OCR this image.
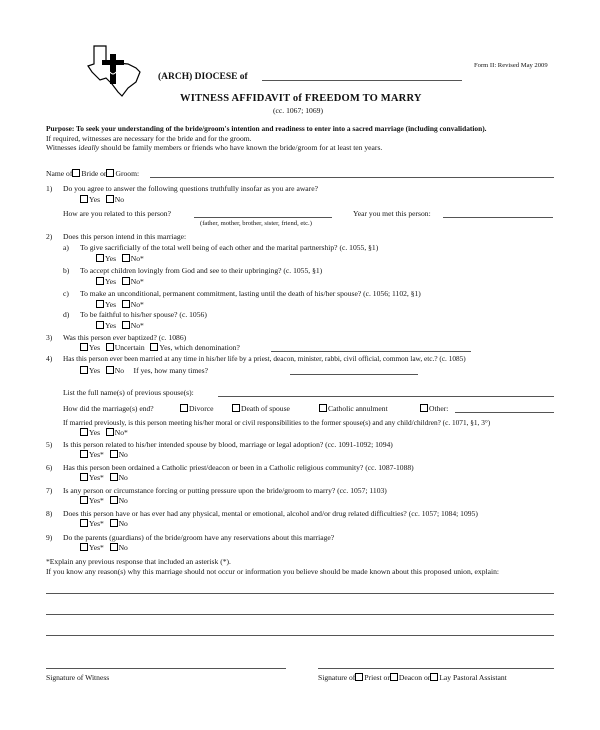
Form II: Revised May 2009
(ARCH) DIOCESE of
WITNESS AFFIDAVIT of FREEDOM TO MARRY
(cc. 1067; 1069)
Purpose: To seek your understanding of the bride/groom's intention and readiness to enter into a sacred marriage (including convalidation).
If required, witnesses are necessary for the bride and for the groom.
Witnesses ideally should be family members or friends who have known the bride/groom for at least ten years.
Name of Bride or Groom:
1) Do you agree to answer the following questions truthfully insofar as you are aware?
Yes No
How are you related to this person?	Year you met this person:
(father, mother, brother, sister, friend, etc.)
2) Does this person intend in this marriage:
a) To give sacrificially of the total well being of each other and the marital partnership? (c. 1055, §1)
Yes No*
b) To accept children lovingly from God and see to their upbringing? (c. 1055, §1)
Yes No*
c) To make an unconditional, permanent commitment, lasting until the death of his/her spouse? (c. 1056; 1102, §1)
Yes No*
d) To be faithful to his/her spouse? (c. 1056)
Yes No*
3) Was this person ever baptized? (c. 1086)
Yes Uncertain Yes, which denomination?
4) Has this person ever been married at any time in his/her life by a priest, deacon, minister, rabbi, civil official, common law, etc.? (c. 1085)
Yes No If yes, how many times?
List the full name(s) of previous spouse(s):
How did the marriage(s) end?	Divorce	Death of spouse	Catholic annulment	Other:
If married previously, is this person meeting his/her moral or civil responsibilities to the former spouse(s) and any child/children? (c. 1071, §1, 3°)
Yes No*
5) Is this person related to his/her intended spouse by blood, marriage or legal adoption? (cc. 1091-1092; 1094)
Yes* No
6) Has this person been ordained a Catholic priest/deacon or been in a Catholic religious community? (cc. 1087-1088)
Yes* No
7) Is any person or circumstance forcing or putting pressure upon the bride/groom to marry? (cc. 1057; 1103)
Yes* No
8) Does this person have or has ever had any physical, mental or emotional, alcohol and/or drug related difficulties? (cc. 1057; 1084; 1095)
Yes* No
9) Do the parents (guardians) of the bride/groom have any reservations about this marriage?
Yes* No
*Explain any previous response that included an asterisk (*).
If you know any reason(s) why this marriage should not occur or information you believe should be made known about this proposed union, explain:
Signature of Witness	Signature of Priest or Deacon or Lay Pastoral Assistant
